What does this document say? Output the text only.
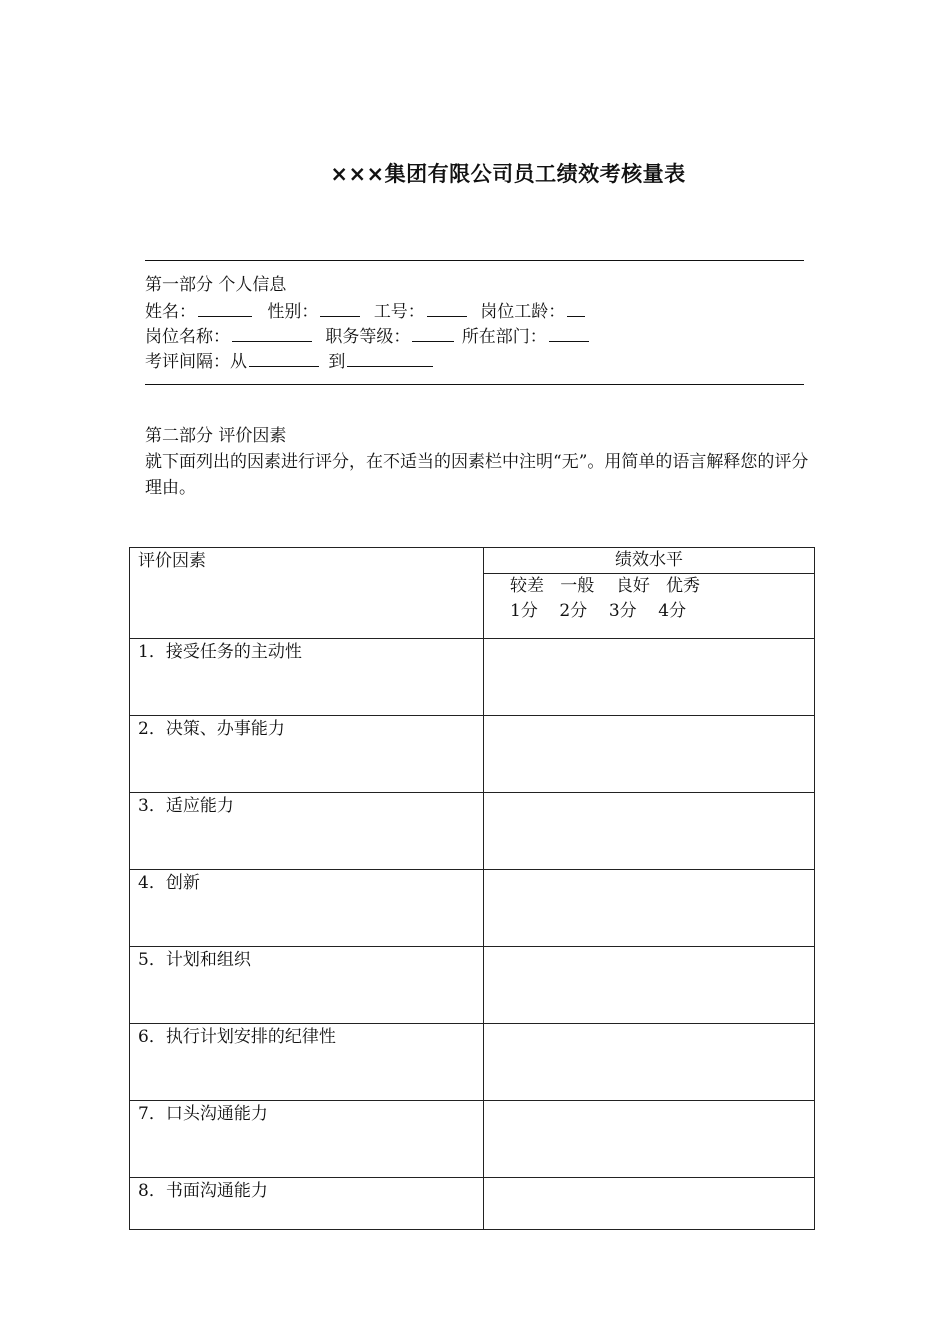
×××集团有限公司员工绩效考核量表
第一部分 个人信息
姓名：	性别：	工号：	岗位工龄：
岗位名称：	职务等级：	所在部门：
考评间隔：从	到
第二部分 评价因素
就下面列出的因素进行评分，在不适当的因素栏中注明“无”。用简单的语言解释您的评分理由。
评价因素	绩效水平

	较差   一般    良好   优秀
1分    2分    3分    4分

1．接受任务的主动性	
2．决策、办事能力	
3．适应能力	
4．创新	
5．计划和组织	
6．执行计划安排的纪律性	
7．口头沟通能力	
8．书面沟通能力	
